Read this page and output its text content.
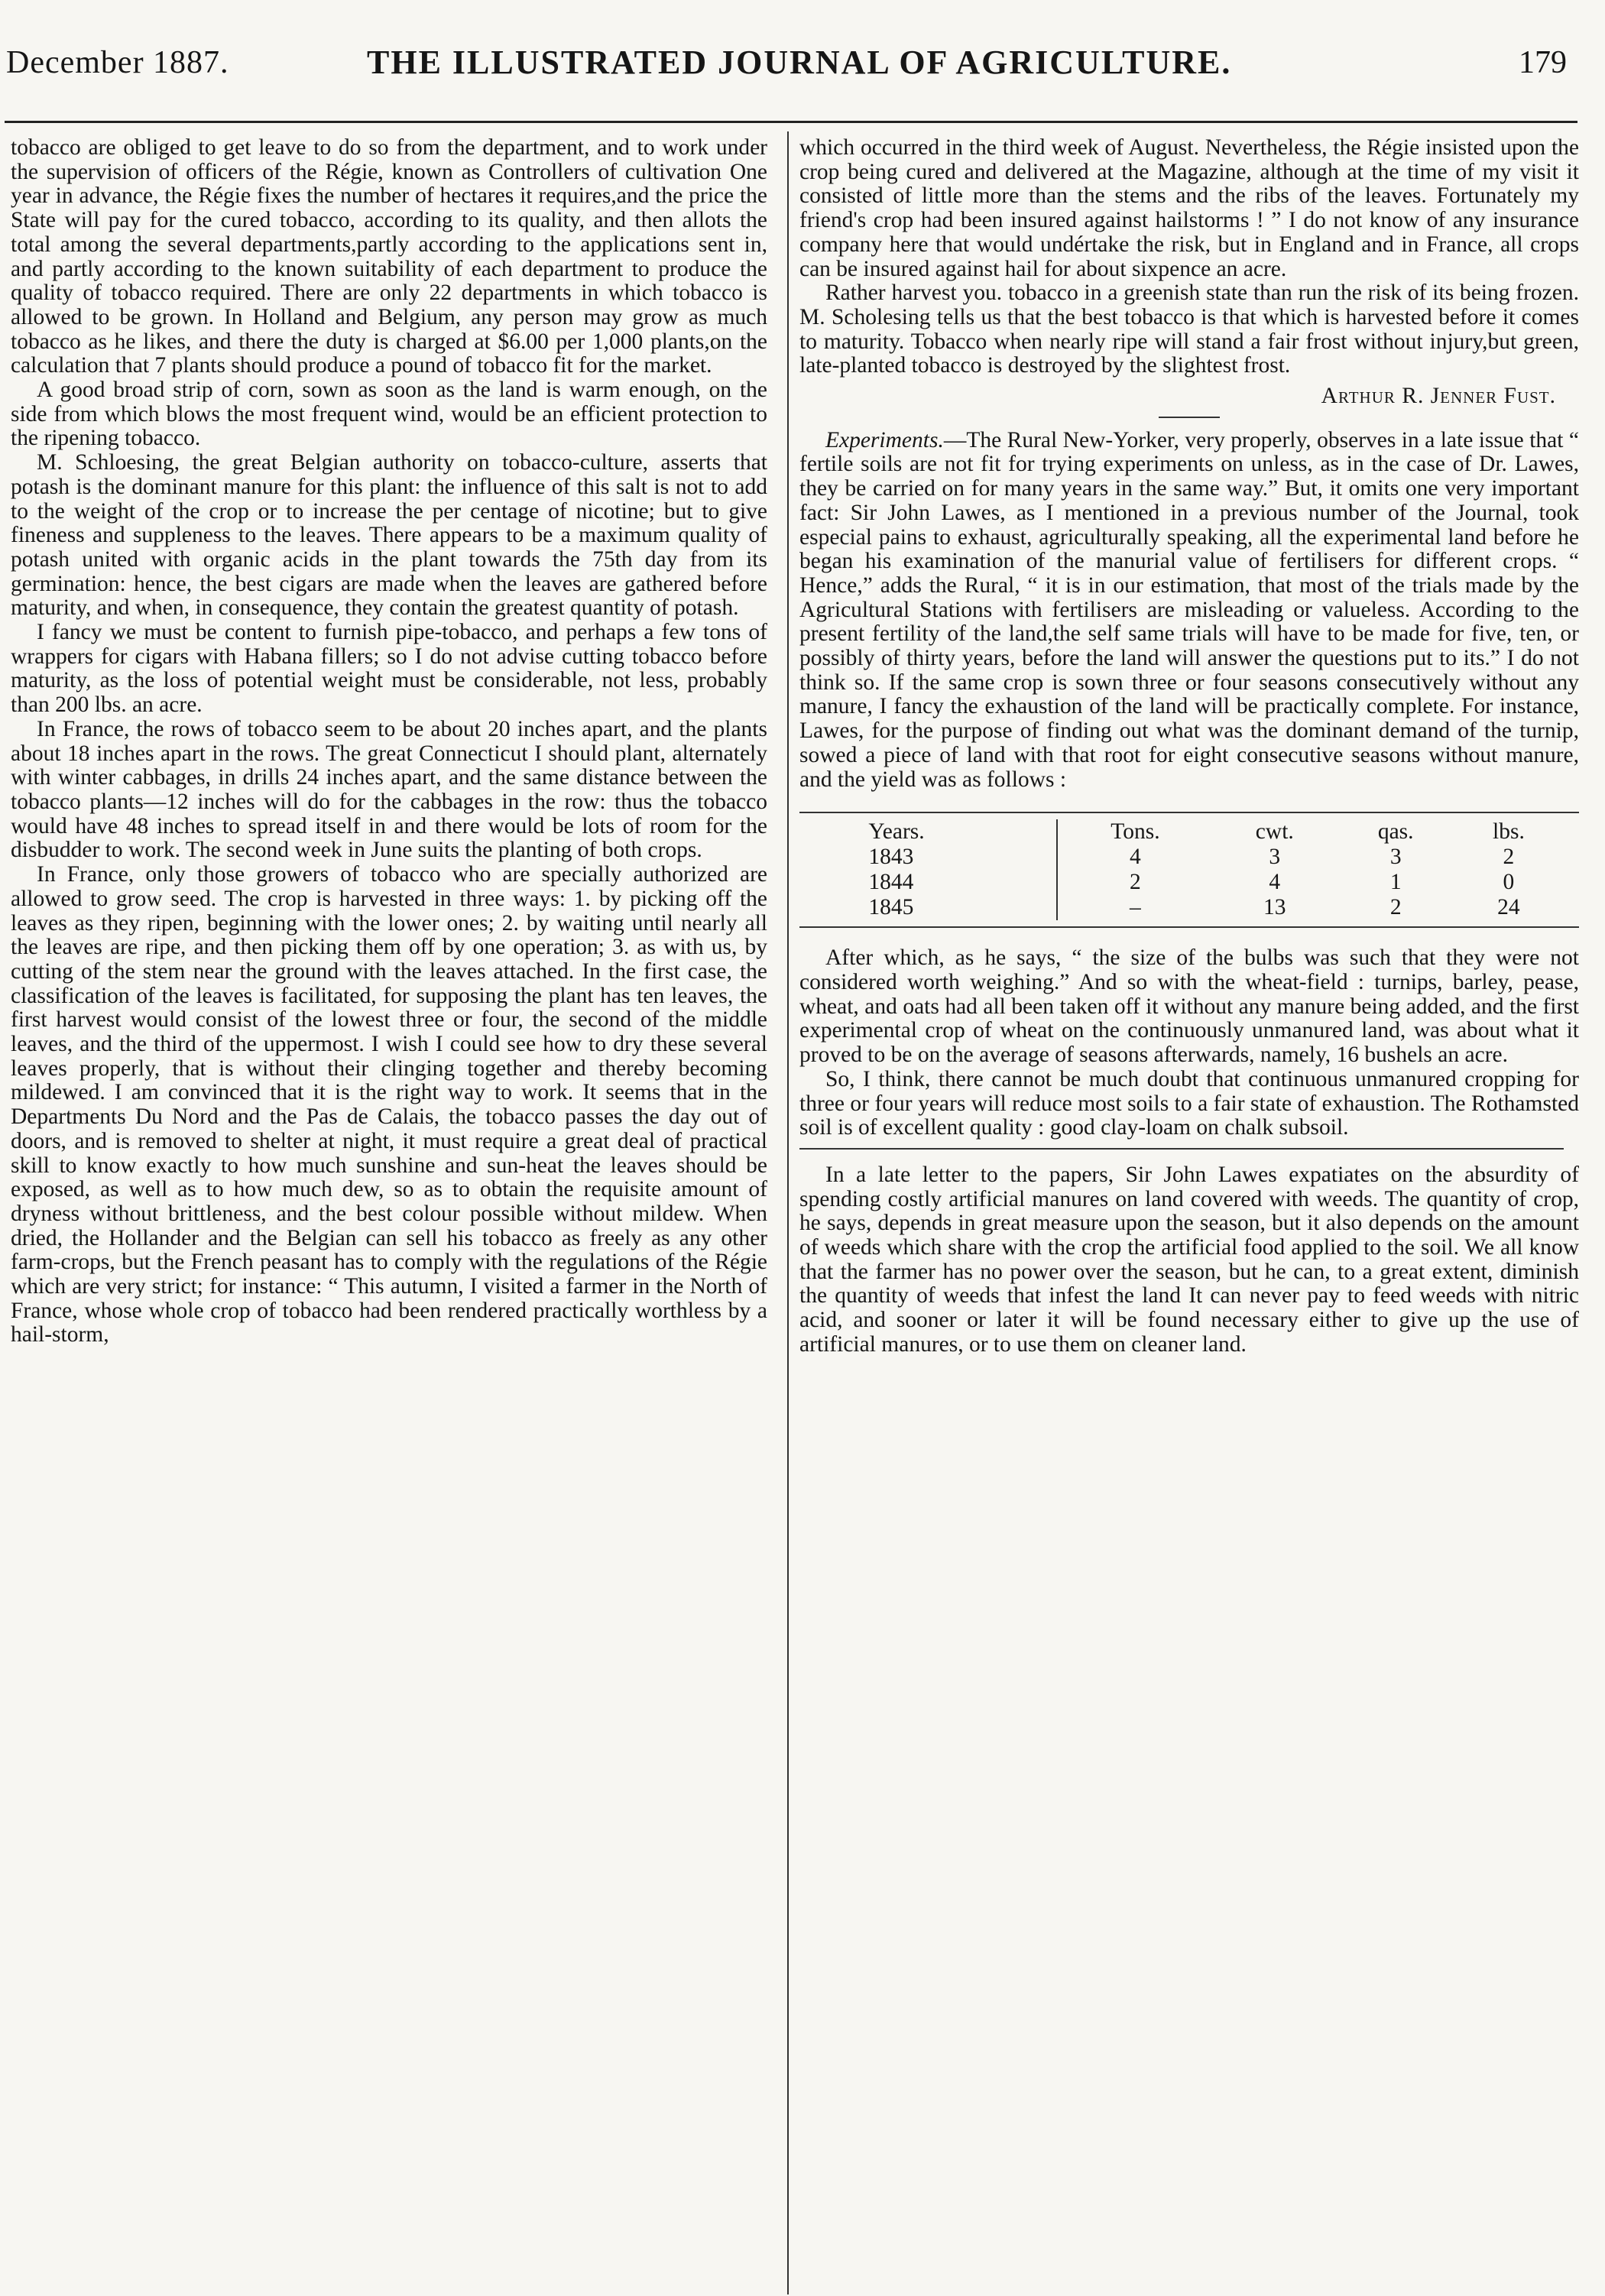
December 1887.	THE ILLUSTRATED JOURNAL OF AGRICULTURE.	179

tobacco are obliged to get leave to do so from the department, and to work under the supervision of officers of the Régie, known as Controllers of cultivation One year in advance, the Régie fixes the number of hectares it requires,and the price the State will pay for the cured tobacco, according to its quality, and then allots the total among the several departments,partly according to the applications sent in, and partly according to the known suitability of each department to produce the quality of tobacco required. There are only 22 departments in which tobacco is allowed to be grown. In Holland and Belgium, any person may grow as much tobacco as he likes, and there the duty is charged at $6.00 per 1,000 plants,on the calculation that 7 plants should produce a pound of tobacco fit for the market.

A good broad strip of corn, sown as soon as the land is warm enough, on the side from which blows the most frequent wind, would be an efficient protection to the ripening tobacco.

M. Schloesing, the great Belgian authority on tobacco-culture, asserts that potash is the dominant manure for this plant: the influence of this salt is not to add to the weight of the crop or to increase the per centage of nicotine; but to give fineness and suppleness to the leaves. There appears to be a maximum quality of potash united with organic acids in the plant towards the 75th day from its germination: hence, the best cigars are made when the leaves are gathered before maturity, and when, in consequence, they contain the greatest quantity of potash.

I fancy we must be content to furnish pipe-tobacco, and perhaps a few tons of wrappers for cigars with Habana fillers; so I do not advise cutting tobacco before maturity, as the loss of potential weight must be considerable, not less, probably than 200 lbs. an acre.

In France, the rows of tobacco seem to be about 20 inches apart, and the plants about 18 inches apart in the rows. The great Connecticut I should plant, alternately with winter cabbages, in drills 24 inches apart, and the same distance between the tobacco plants—12 inches will do for the cabbages in the row: thus the tobacco would have 48 inches to spread itself in and there would be lots of room for the disbudder to work. The second week in June suits the planting of both crops.

In France, only those growers of tobacco who are specially authorized are allowed to grow seed. The crop is harvested in three ways: 1. by picking off the leaves as they ripen, beginning with the lower ones; 2. by waiting until nearly all the leaves are ripe, and then picking them off by one operation; 3. as with us, by cutting of the stem near the ground with the leaves attached. In the first case, the classification of the leaves is facilitated, for supposing the plant has ten leaves, the first harvest would consist of the lowest three or four, the second of the middle leaves, and the third of the uppermost. I wish I could see how to dry these several leaves properly, that is without their clinging together and thereby becoming mildewed. I am convinced that it is the right way to work. It seems that in the Departments Du Nord and the Pas de Calais, the tobacco passes the day out of doors, and is removed to shelter at night, it must require a great deal of practical skill to know exactly to how much sunshine and sun-heat the leaves should be exposed, as well as to how much dew, so as to obtain the requisite amount of dryness without brittleness, and the best colour possible without mildew. When dried, the Hollander and the Belgian can sell his tobacco as freely as any other farm-crops, but the French peasant has to comply with the regulations of the Régie which are very strict; for instance: “ This autumn, I visited a farmer in the North of France, whose whole crop of tobacco had been rendered practically worthless by a hail-storm,

which occurred in the third week of August. Nevertheless, the Régie insisted upon the crop being cured and delivered at the Magazine, although at the time of my visit it consisted of little more than the stems and the ribs of the leaves. Fortunately my friend's crop had been insured against hailstorms ! ” I do not know of any insurance company here that would undértake the risk, but in England and in France, all crops can be insured against hail for about sixpence an acre.

Rather harvest you. tobacco in a greenish state than run the risk of its being frozen. M. Scholesing tells us that the best tobacco is that which is harvested before it comes to maturity. Tobacco when nearly ripe will stand a fair frost without injury,but green, late-planted tobacco is destroyed by the slightest frost.

Arthur R. Jenner Fust.

Experiments.—The Rural New-Yorker, very properly, observes in a late issue that “ fertile soils are not fit for trying experiments on unless, as in the case of Dr. Lawes, they be carried on for many years in the same way.” But, it omits one very important fact: Sir John Lawes, as I mentioned in a previous number of the Journal, took especial pains to exhaust, agriculturally speaking, all the experimental land before he began his examination of the manurial value of fertilisers for different crops. “ Hence,” adds the Rural, “ it is in our estimation, that most of the trials made by the Agricultural Stations with fertilisers are misleading or valueless. According to the present fertility of the land,the self same trials will have to be made for five, ten, or possibly of thirty years, before the land will answer the questions put to its.” I do not think so. If the same crop is sown three or four seasons consecutively without any manure, I fancy the exhaustion of the land will be practically complete. For instance, Lawes, for the purpose of finding out what was the dominant demand of the turnip, sowed a piece of land with that root for eight consecutive seasons without manure, and the yield was as follows :

Years.	Tons.	cwt.	qas.	lbs.
1843	4	3	3	2
1844	2	4	1	0
1845	–	13	2	24

After which, as he says, “ the size of the bulbs was such that they were not considered worth weighing.” And so with the wheat-field : turnips, barley, pease, wheat, and oats had all been taken off it without any manure being added, and the first experimental crop of wheat on the continuously unmanured land, was about what it proved to be on the average of seasons afterwards, namely, 16 bushels an acre.

So, I think, there cannot be much doubt that continuous unmanured cropping for three or four years will reduce most soils to a fair state of exhaustion. The Rothamsted soil is of excellent quality : good clay-loam on chalk subsoil.

In a late letter to the papers, Sir John Lawes expatiates on the absurdity of spending costly artificial manures on land covered with weeds. The quantity of crop, he says, depends in great measure upon the season, but it also depends on the amount of weeds which share with the crop the artificial food applied to the soil. We all know that the farmer has no power over the season, but he can, to a great extent, diminish the quantity of weeds that infest the land It can never pay to feed weeds with nitric acid, and sooner or later it will be found necessary either to give up the use of artificial manures, or to use them on cleaner land.
